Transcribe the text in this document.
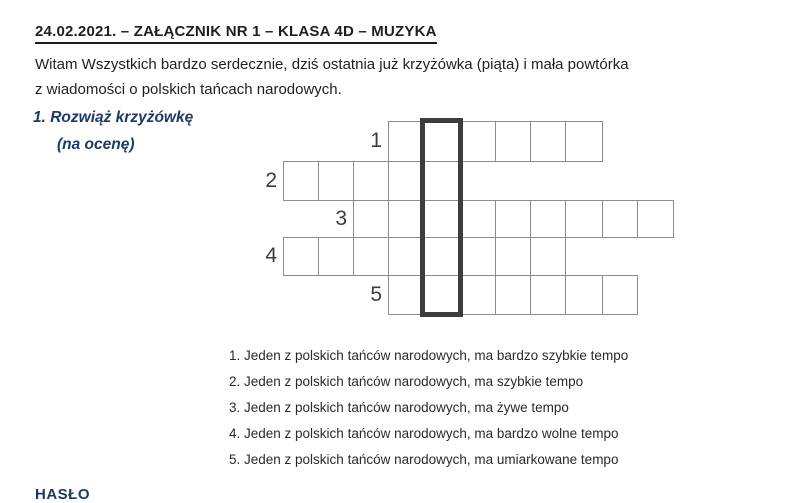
24.02.2021. – ZAŁĄCZNIK NR 1 – KLASA 4D – MUZYKA
Witam Wszystkich bardzo serdecznie, dziś ostatnia już krzyżówka (piąta) i mała powtórka
z wiadomości o polskich tańcach narodowych.
1. Rozwiąż krzyżówkę
(na ocenę)	1
2
3
4
5
1. Jeden z polskich tańców narodowych, ma bardzo szybkie tempo
2. Jeden z polskich tańców narodowych, ma szybkie tempo
3. Jeden z polskich tańców narodowych, ma żywe tempo
4. Jeden z polskich tańców narodowych, ma bardzo wolne tempo
5. Jeden z polskich tańców narodowych, ma umiarkowane tempo
HASŁO
